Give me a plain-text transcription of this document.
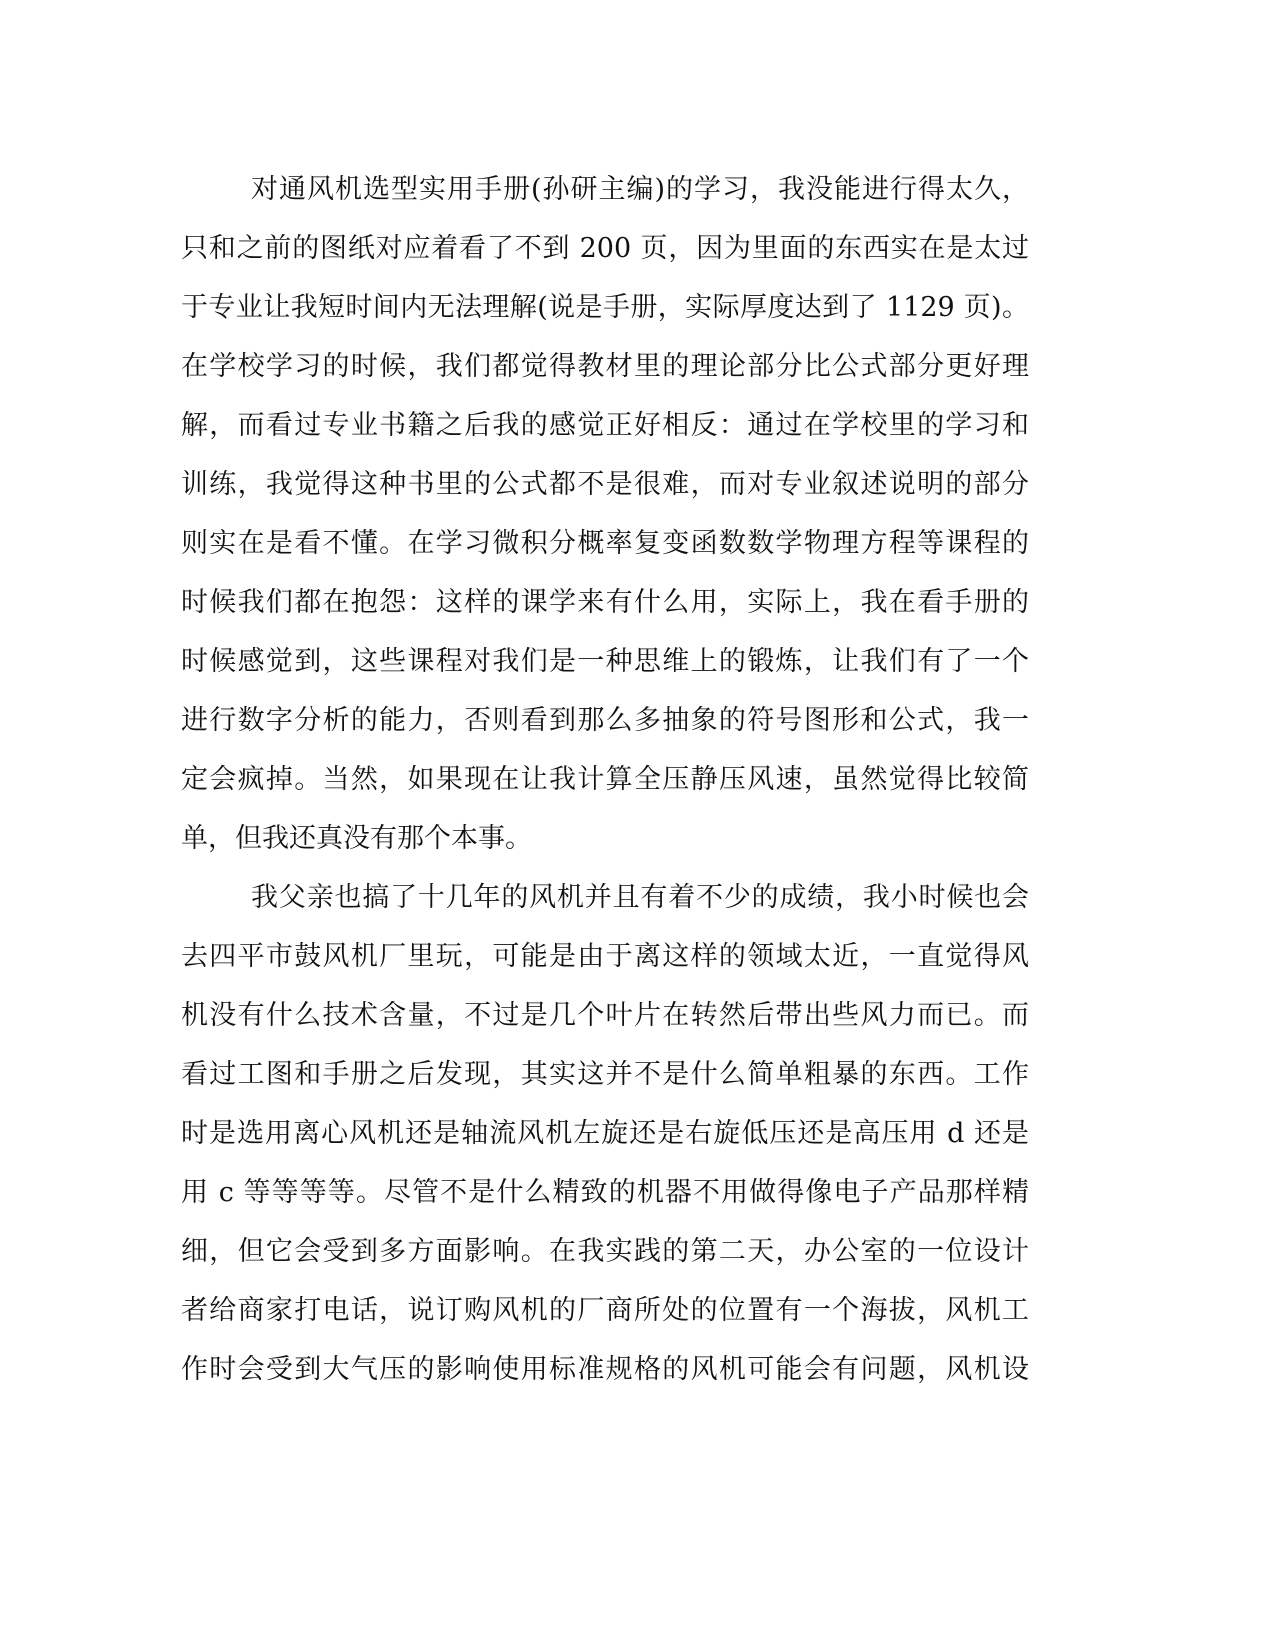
对通风机选型实用手册(孙研主编)的学习，我没能进行得太久，
只和之前的图纸对应着看了不到 200 页，因为里面的东西实在是太过
于专业让我短时间内无法理解(说是手册，实际厚度达到了 1129 页)。
在学校学习的时候，我们都觉得教材里的理论部分比公式部分更好理
解，而看过专业书籍之后我的感觉正好相反：通过在学校里的学习和
训练，我觉得这种书里的公式都不是很难，而对专业叙述说明的部分
则实在是看不懂。在学习微积分概率复变函数数学物理方程等课程的
时候我们都在抱怨：这样的课学来有什么用，实际上，我在看手册的
时候感觉到，这些课程对我们是一种思维上的锻炼，让我们有了一个
进行数字分析的能力，否则看到那么多抽象的符号图形和公式，我一
定会疯掉。当然，如果现在让我计算全压静压风速，虽然觉得比较简
单，但我还真没有那个本事。
我父亲也搞了十几年的风机并且有着不少的成绩，我小时候也会
去四平市鼓风机厂里玩，可能是由于离这样的领域太近，一直觉得风
机没有什么技术含量，不过是几个叶片在转然后带出些风力而已。而
看过工图和手册之后发现，其实这并不是什么简单粗暴的东西。工作
时是选用离心风机还是轴流风机左旋还是右旋低压还是高压用 d 还是
用 c 等等等等。尽管不是什么精致的机器不用做得像电子产品那样精
细，但它会受到多方面影响。在我实践的第二天，办公室的一位设计
者给商家打电话，说订购风机的厂商所处的位置有一个海拔，风机工
作时会受到大气压的影响使用标准规格的风机可能会有问题，风机设
